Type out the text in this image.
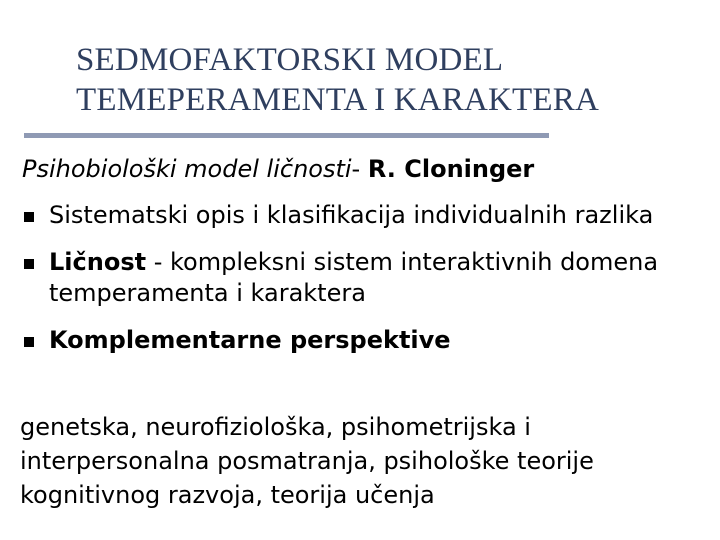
SEDMOFAKTORSKI MODEL
TEMEPERAMENTA I KARAKTERA
Psihobiološki model ličnosti- R. Cloninger
Sistematski opis i klasifikacija individualnih razlika
Ličnost - kompleksni sistem interaktivnih domena temperamenta i karaktera
Komplementarne perspektive
genetska, neurofiziološka, psihometrijska i
interpersonalna posmatranja, psihološke teorije
kognitivnog razvoja, teorija učenja
